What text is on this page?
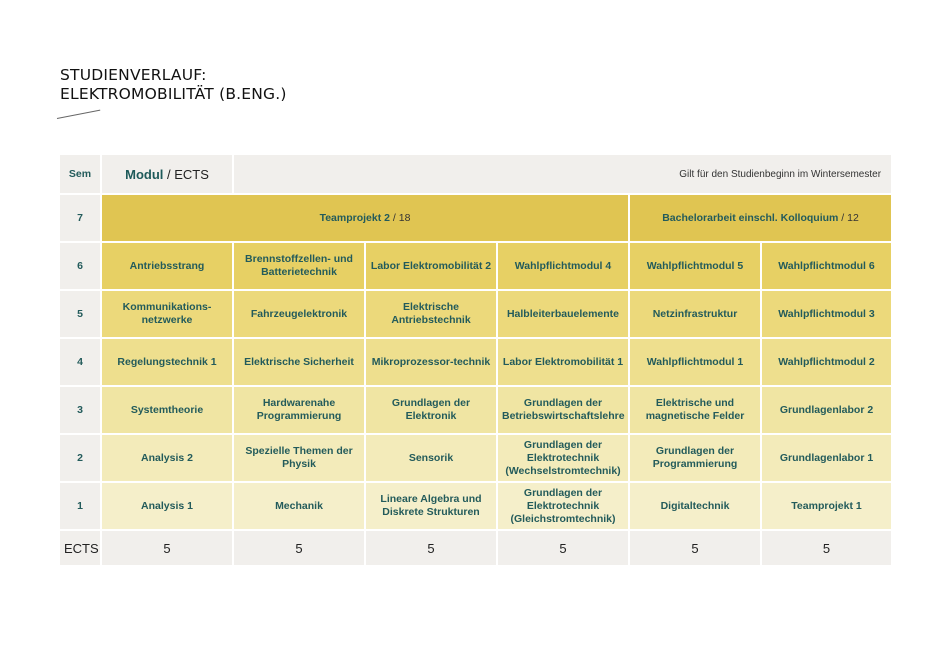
STUDIENVERLAUF:
ELEKTROMOBILITÄT (B.ENG.)
Sem	Modul / ECTS	Gilt für den Studienbeginn im Wintersemester				
7	Teamprojekt 2 / 18				Bachelorarbeit einschl. Kolloquium / 12	
6	Antriebsstrang	Brennstoffzellen- und Batterietechnik	Labor Elektromobilität 2	Wahlpflichtmodul 4	Wahlpflichtmodul 5	Wahlpflichtmodul 6
5	Kommunikations-netzwerke	Fahrzeugelektronik	Elektrische Antriebstechnik	Halbleiterbauelemente	Netzinfrastruktur	Wahlpflichtmodul 3
4	Regelungstechnik 1	Elektrische Sicherheit	Mikroprozessor-technik	Labor Elektromobilität 1	Wahlpflichtmodul 1	Wahlpflichtmodul 2
3	Systemtheorie	Hardwarenahe Programmierung	Grundlagen der Elektronik	Grundlagen der Betriebswirtschaftslehre	Elektrische und magnetische Felder	Grundlagenlabor 2
2	Analysis 2	Spezielle Themen der Physik	Sensorik	Grundlagen der Elektrotechnik (Wechselstromtechnik)	Grundlagen der Programmierung	Grundlagenlabor 1
1	Analysis 1	Mechanik	Lineare Algebra und Diskrete Strukturen	Grundlagen der Elektrotechnik (Gleichstromtechnik)	Digitaltechnik	Teamprojekt 1
ECTS	5	5	5	5	5	5
